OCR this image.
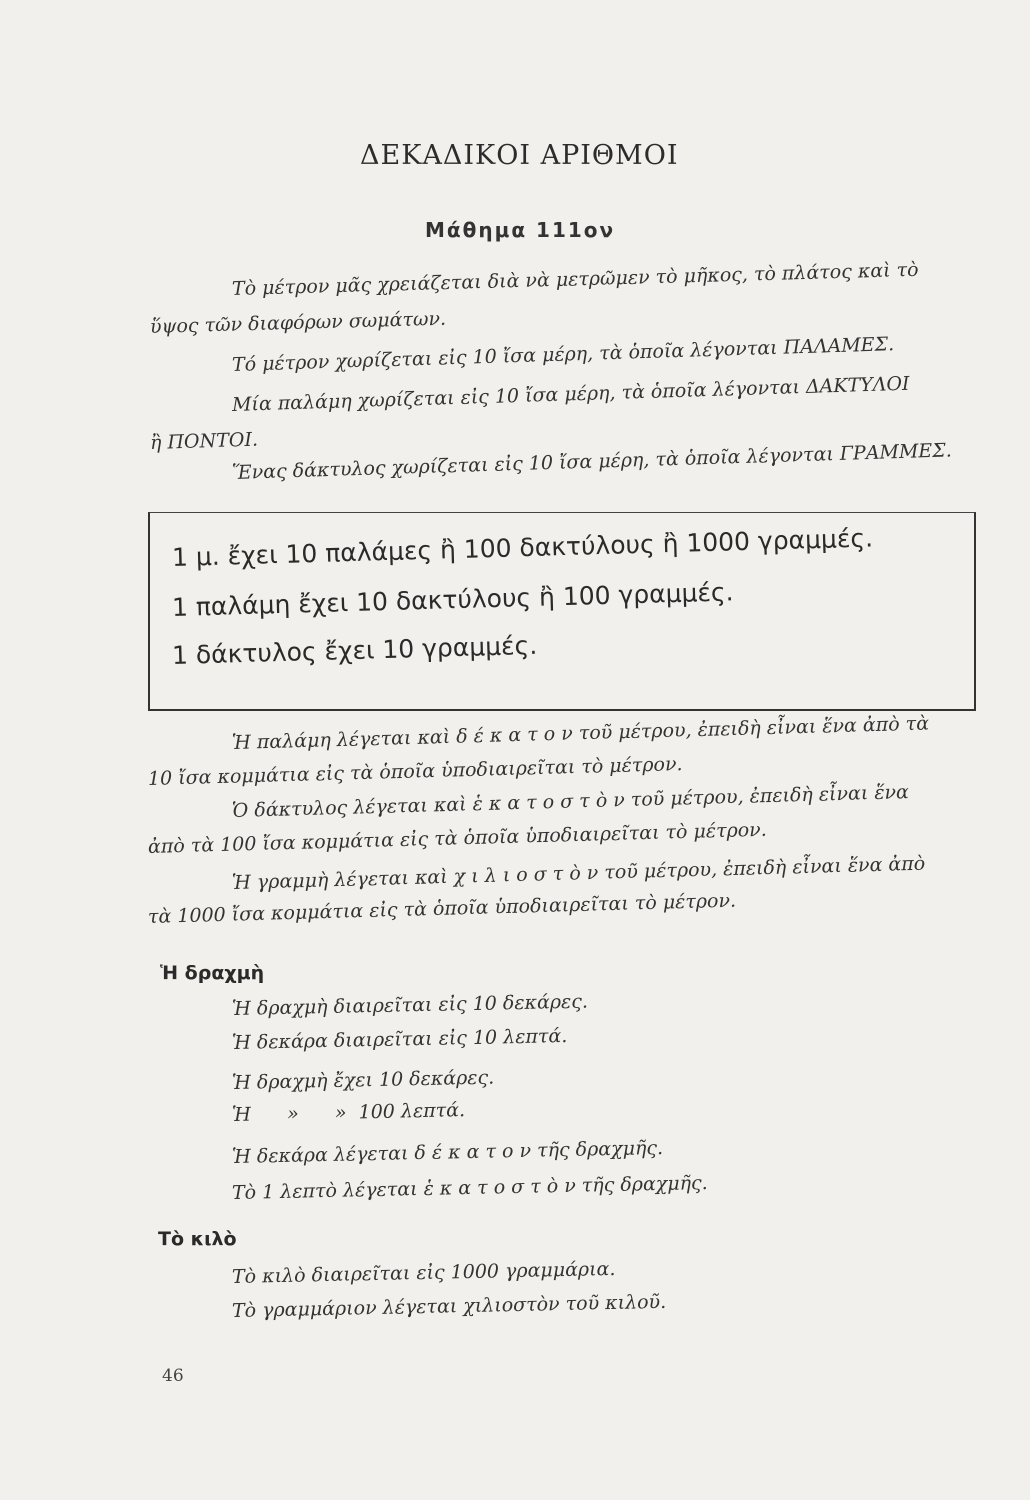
ΔΕΚΑΔΙΚΟΙ ΑΡΙΘΜΟΙ
Μάθημα 111ον
Τὸ μέτρον μᾶς χρειάζεται διὰ νὰ μετρῶμεν τὸ μῆκος, τὸ πλάτος καὶ τὸ
ὕψος τῶν διαφόρων σωμάτων.
Τό μέτρον χωρίζεται εἰς 10 ἴσα μέρη, τὰ ὁποῖα λέγονται ΠΑΛΑΜΕΣ.
Μία παλάμη χωρίζεται εἰς 10 ἴσα μέρη, τὰ ὁποῖα λέγονται ΔΑΚΤΥΛΟΙ
ἢ ΠΟΝΤΟΙ.
Ἕνας δάκτυλος χωρίζεται εἰς 10 ἴσα μέρη, τὰ ὁποῖα λέγονται ΓΡΑΜΜΕΣ.
1 μ. ἔχει 10 παλάμες ἢ 100 δακτύλους ἢ 1000 γραμμές.
1 παλάμη ἔχει 10 δακτύλους ἢ 100 γραμμές.
1 δάκτυλος ἔχει 10 γραμμές.
Ἡ παλάμη λέγεται καὶ δ έ κ α τ ο ν τοῦ μέτρου, ἐπειδὴ εἶναι ἕνα ἀπὸ τὰ
10 ἴσα κομμάτια εἰς τὰ ὁποῖα ὑποδιαιρεῖται τὸ μέτρον.
Ὁ δάκτυλος λέγεται καὶ ἑ κ α τ ο σ τ ὸ ν τοῦ μέτρου, ἐπειδὴ εἶναι ἕνα
ἀπὸ τὰ 100 ἴσα κομμάτια εἰς τὰ ὁποῖα ὑποδιαιρεῖται τὸ μέτρον.
Ἡ γραμμὴ λέγεται καὶ χ ι λ ι ο σ τ ὸ ν τοῦ μέτρου, ἐπειδὴ εἶναι ἕνα ἀπὸ
τὰ 1000 ἴσα κομμάτια εἰς τὰ ὁποῖα ὑποδιαιρεῖται τὸ μέτρον.
Ἡ δραχμὴ
Ἡ δραχμὴ διαιρεῖται εἰς 10 δεκάρες.
Ἡ δεκάρα διαιρεῖται εἰς 10 λεπτά.
Ἡ δραχμὴ ἔχει 10 δεκάρες.
Ἡ      »      »  100 λεπτά.
Ἡ δεκάρα λέγεται δ έ κ α τ ο ν τῆς δραχμῆς.
Τὸ 1 λεπτὸ λέγεται ἑ κ α τ ο σ τ ὸ ν τῆς δραχμῆς.
Τὸ κιλὸ
Τὸ κιλὸ διαιρεῖται εἰς 1000 γραμμάρια.
Τὸ γραμμάριον λέγεται χιλιοστὸν τοῦ κιλοῦ.
46
